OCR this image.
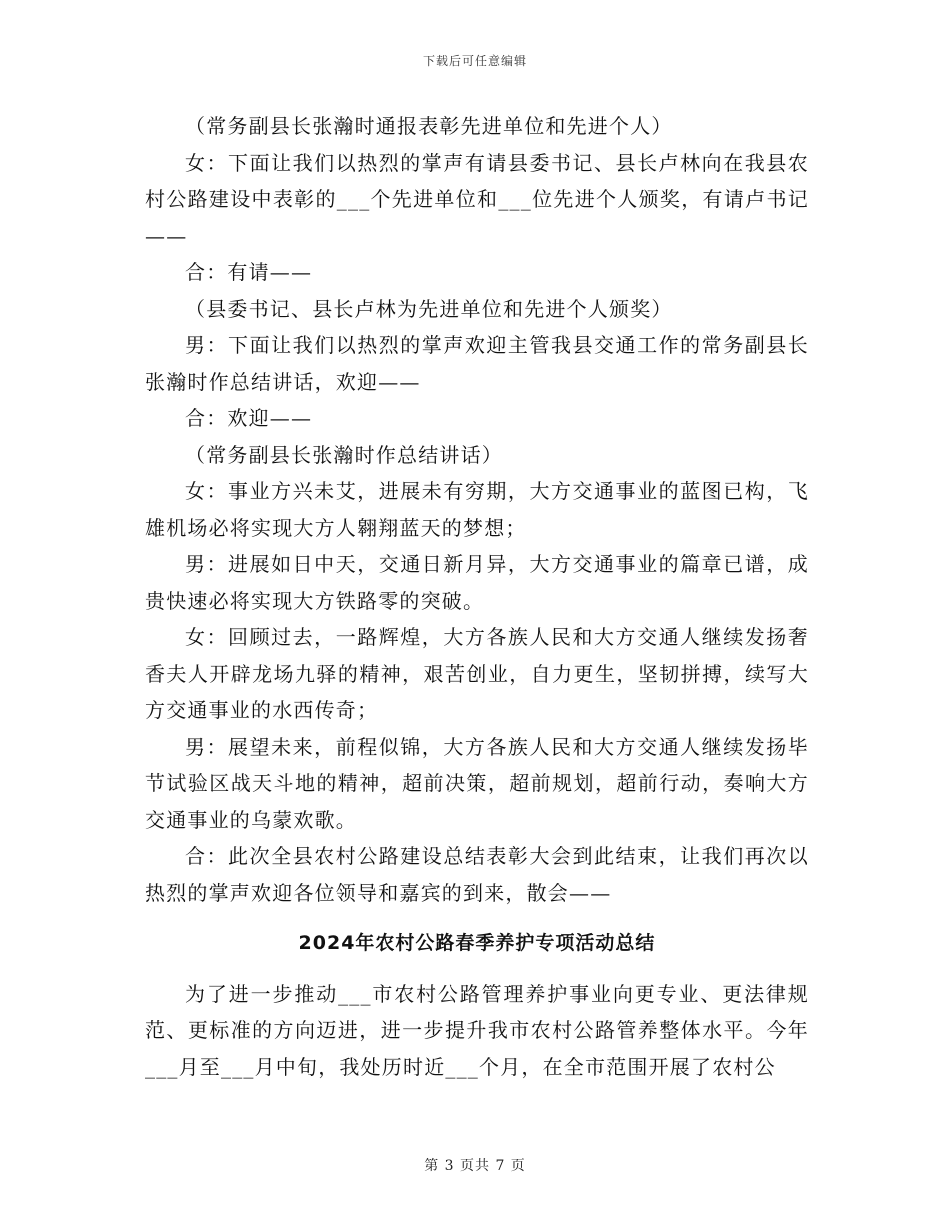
下载后可任意编辑

（常务副县长张瀚时通报表彰先进单位和先进个人）

女：下面让我们以热烈的掌声有请县委书记、县长卢林向在我县农村公路建设中表彰的___个先进单位和___位先进个人颁奖，有请卢书记——

合：有请——

（县委书记、县长卢林为先进单位和先进个人颁奖）

男：下面让我们以热烈的掌声欢迎主管我县交通工作的常务副县长张瀚时作总结讲话，欢迎——

合：欢迎——

（常务副县长张瀚时作总结讲话）

女：事业方兴未艾，进展未有穷期，大方交通事业的蓝图已构，飞雄机场必将实现大方人翱翔蓝天的梦想；

男：进展如日中天，交通日新月异，大方交通事业的篇章已谱，成贵快速必将实现大方铁路零的突破。

女：回顾过去，一路辉煌，大方各族人民和大方交通人继续发扬奢香夫人开辟龙场九驿的精神，艰苦创业，自力更生，坚韧拼搏，续写大方交通事业的水西传奇；

男：展望未来，前程似锦，大方各族人民和大方交通人继续发扬毕节试验区战天斗地的精神，超前决策，超前规划，超前行动，奏响大方交通事业的乌蒙欢歌。

合：此次全县农村公路建设总结表彰大会到此结束，让我们再次以热烈的掌声欢迎各位领导和嘉宾的到来，散会——

2024年农村公路春季养护专项活动总结

为了进一步推动___市农村公路管理养护事业向更专业、更法律规范、更标准的方向迈进，进一步提升我市农村公路管养整体水平。今年___月至___月中旬，我处历时近___个月，在全市范围开展了农村公

第 3 页共 7 页
